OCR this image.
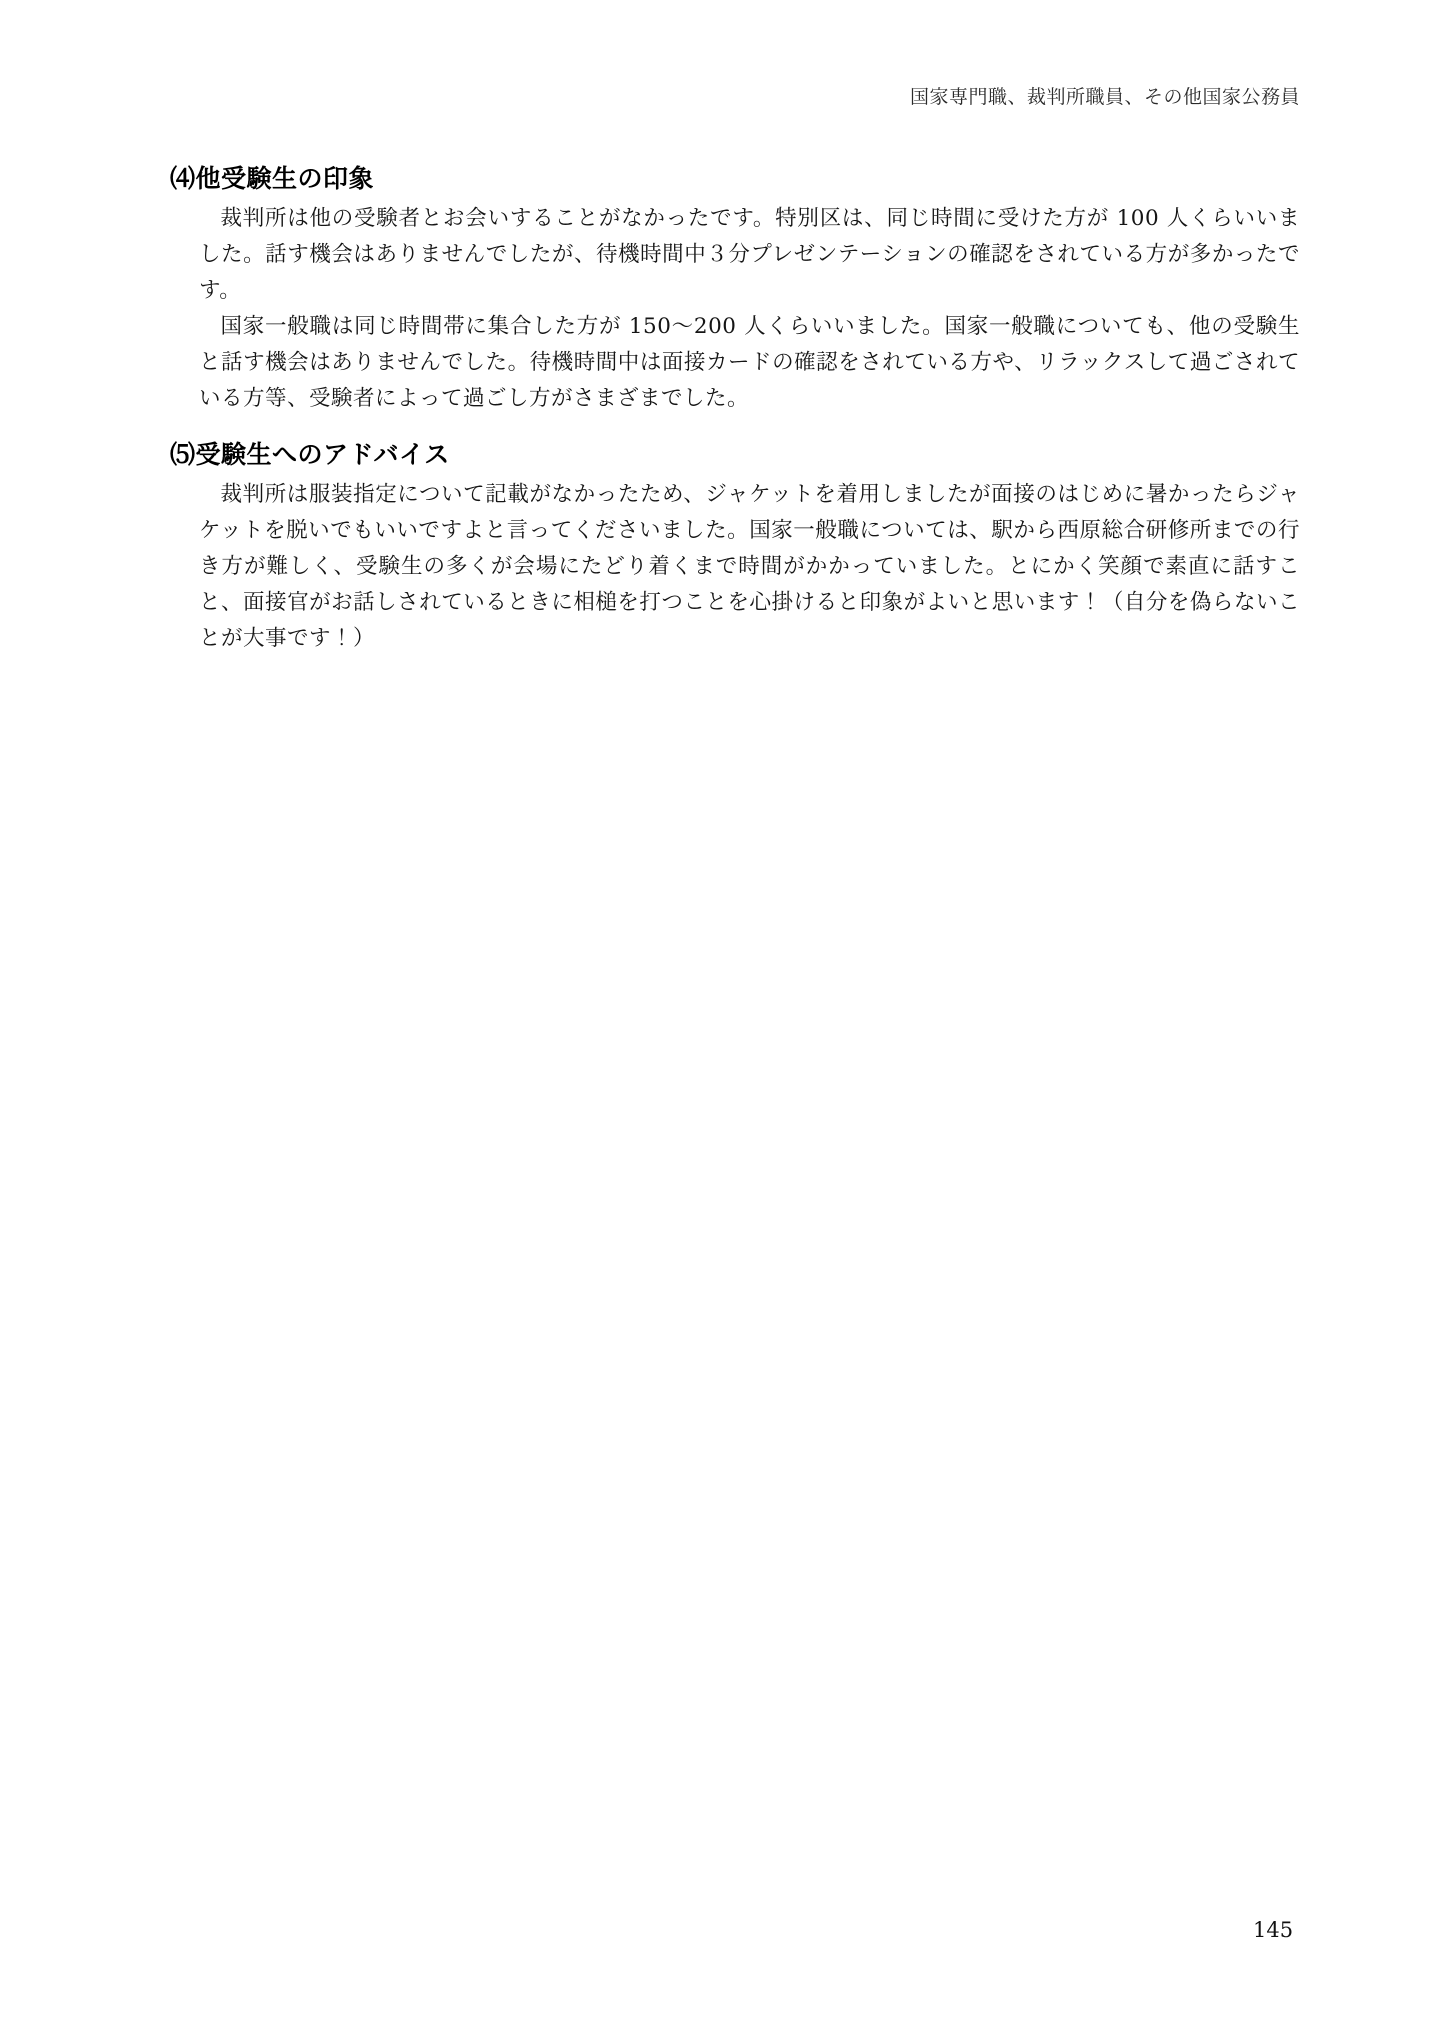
国家専門職、裁判所職員、その他国家公務員
⑷他受験生の印象

裁判所は他の受験者とお会いすることがなかったです。特別区は、同じ時間に受けた方が 100 人くらいいました。話す機会はありませんでしたが、待機時間中３分プレゼンテーションの確認をされている方が多かったです。

国家一般職は同じ時間帯に集合した方が 150～200 人くらいいました。国家一般職についても、他の受験生と話す機会はありませんでした。待機時間中は面接カードの確認をされている方や、リラックスして過ごされている方等、受験者によって過ごし方がさまざまでした。

⑸受験生へのアドバイス

裁判所は服装指定について記載がなかったため、ジャケットを着用しましたが面接のはじめに暑かったらジャケットを脱いでもいいですよと言ってくださいました。国家一般職については、駅から西原総合研修所までの行き方が難しく、受験生の多くが会場にたどり着くまで時間がかかっていました。とにかく笑顔で素直に話すこと、面接官がお話しされているときに相槌を打つことを心掛けると印象がよいと思います！（自分を偽らないことが大事です！）

145
